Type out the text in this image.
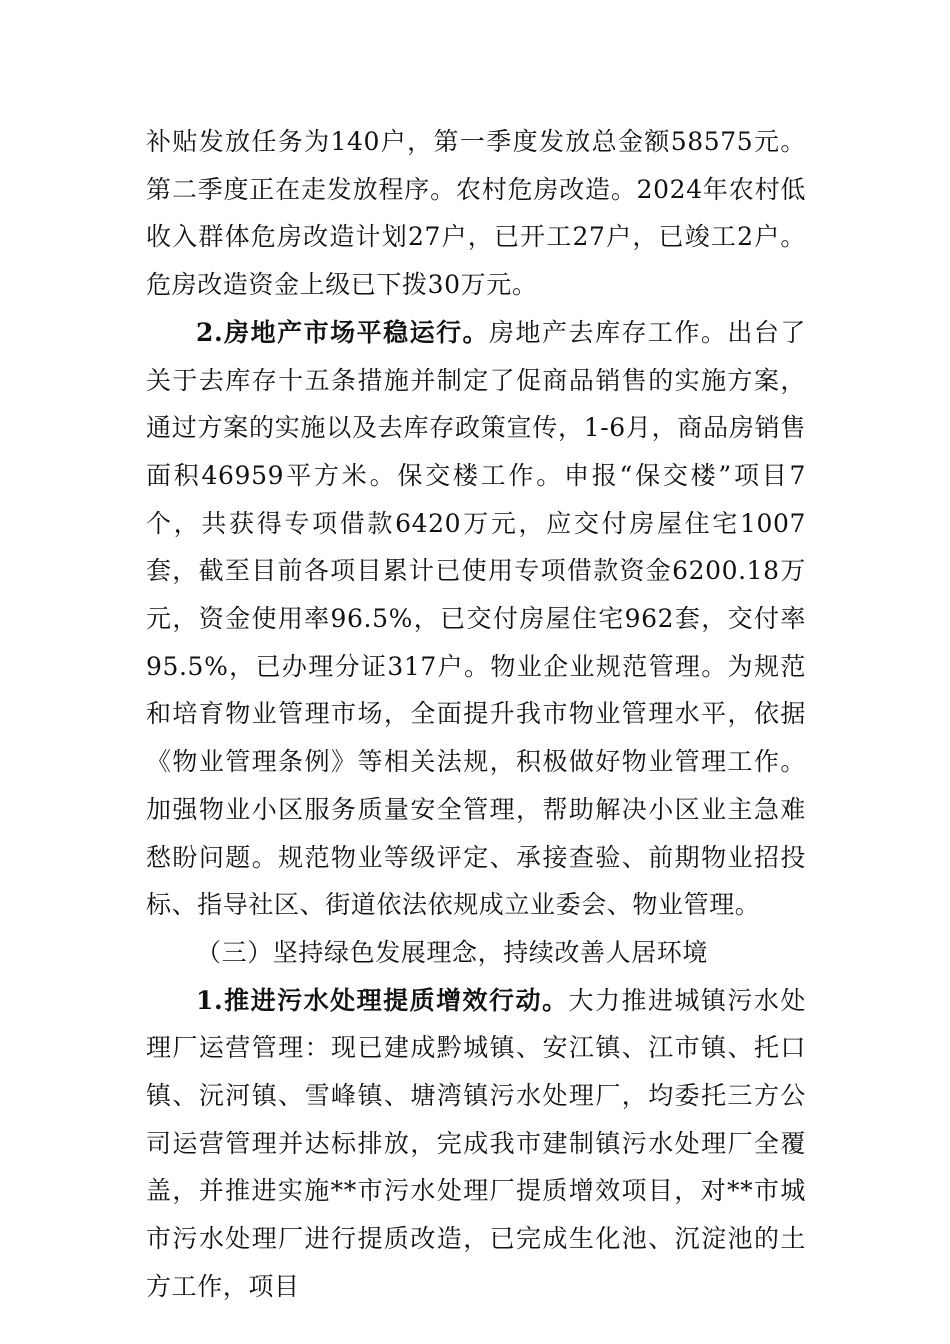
补贴发放任务为140户，第一季度发放总金额58575元。第二季度正在走发放程序。农村危房改造。2024年农村低收入群体危房改造计划27户，已开工27户，已竣工2户。危房改造资金上级已下拨30万元。

2.房地产市场平稳运行。房地产去库存工作。出台了关于去库存十五条措施并制定了促商品销售的实施方案，通过方案的实施以及去库存政策宣传，1-6月，商品房销售面积46959平方米。保交楼工作。申报“保交楼”项目7个，共获得专项借款6420万元，应交付房屋住宅1007套，截至目前各项目累计已使用专项借款资金6200.18万元，资金使用率96.5%，已交付房屋住宅962套，交付率95.5%，已办理分证317户。物业企业规范管理。为规范和培育物业管理市场，全面提升我市物业管理水平，依据《物业管理条例》等相关法规，积极做好物业管理工作。加强物业小区服务质量安全管理，帮助解决小区业主急难愁盼问题。规范物业等级评定、承接查验、前期物业招投标、指导社区、街道依法依规成立业委会、物业管理。

（三）坚持绿色发展理念，持续改善人居环境

1.推进污水处理提质增效行动。大力推进城镇污水处理厂运营管理：现已建成黔城镇、安江镇、江市镇、托口镇、沅河镇、雪峰镇、塘湾镇污水处理厂，均委托三方公司运营管理并达标排放，完成我市建制镇污水处理厂全覆盖，并推进实施**市污水处理厂提质增效项目，对**市城市污水处理厂进行提质改造，已完成生化池、沉淀池的土方工作，项目
